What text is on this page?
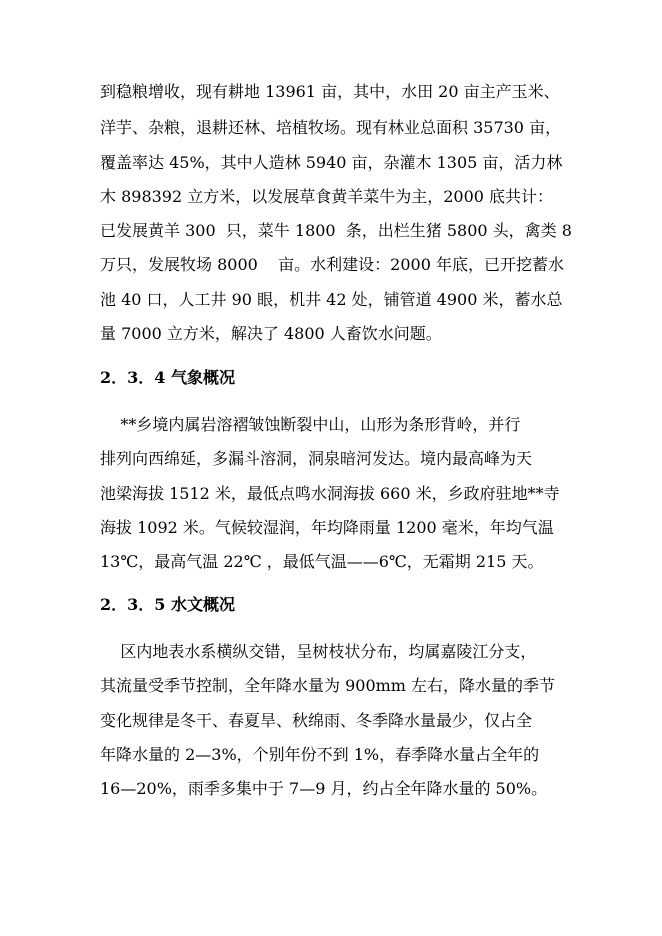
到稳粮增收，现有耕地 13961 亩，其中，水田 20 亩主产玉米、
洋芋、杂粮，退耕还林、培植牧场。现有林业总面积 35730 亩，
覆盖率达 45%，其中人造林 5940 亩，杂灌木 1305 亩，活力林
木 898392 立方米，以发展草食黄羊菜牛为主，2000 底共计：
已发展黄羊 300  只，菜牛 1800  条，出栏生猪 5800 头，禽类 8
万只，发展牧场 8000    亩。水利建设：2000 年底，已开挖蓄水
池 40 口，人工井 90 眼，机井 42 处，铺管道 4900 米，蓄水总
量 7000 立方米，解决了 4800 人畜饮水问题。
2．3．4 气象概况
**乡境内属岩溶褶皱蚀断裂中山，山形为条形背岭，并行
排列向西绵延，多漏斗溶洞，洞泉暗河发达。境内最高峰为天
池梁海拔 1512 米，最低点鸣水洞海拔 660 米，乡政府驻地**寺
海拔 1092 米。气候较湿润，年均降雨量 1200 毫米，年均气温
13℃，最高气温 22℃ ，最低气温——6℃，无霜期 215 天。
2．3．5 水文概况
区内地表水系横纵交错，呈树枝状分布，均属嘉陵江分支，
其流量受季节控制，全年降水量为 900mm 左右，降水量的季节
变化规律是冬干、春夏旱、秋绵雨、冬季降水量最少，仅占全
年降水量的 2—3%，个别年份不到 1%，春季降水量占全年的
16—20%，雨季多集中于 7—9 月，约占全年降水量的 50%。
